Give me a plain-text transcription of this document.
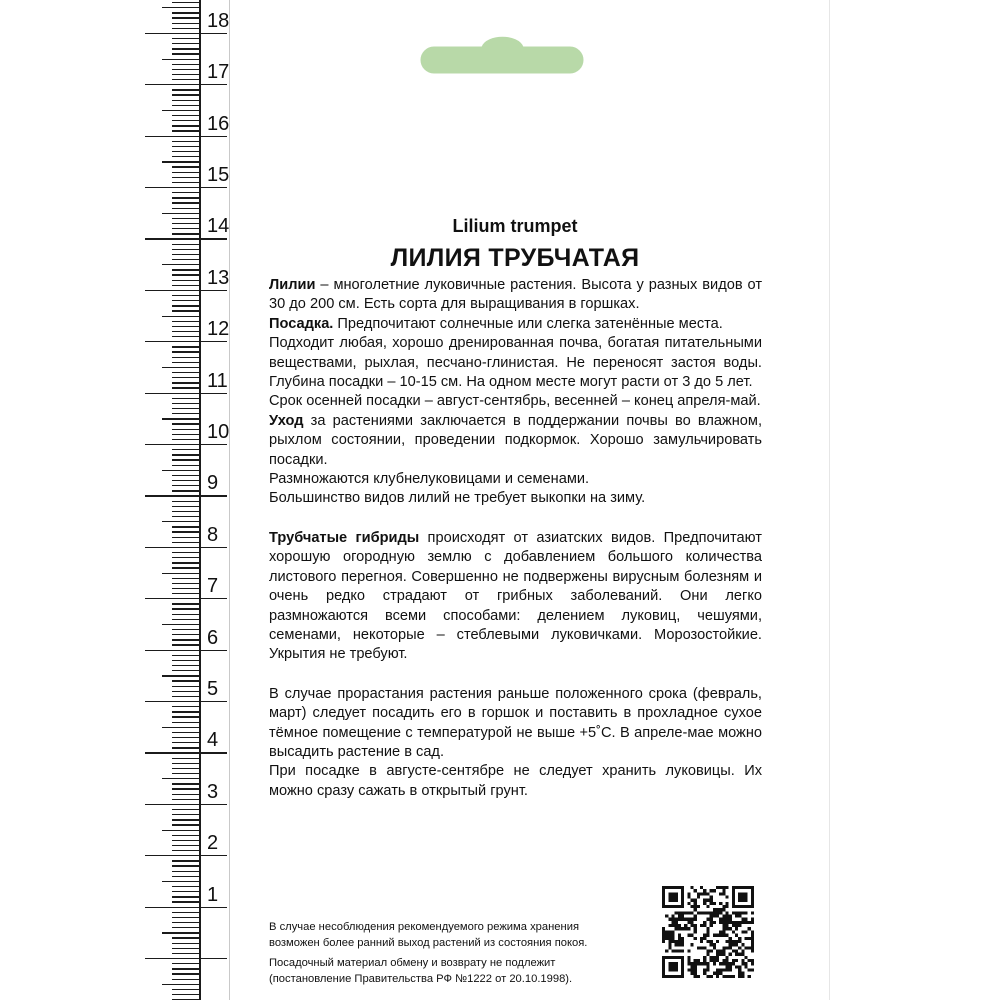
18
17
16
15
14
13
12
11
10
9
8
7
6
5
4
3
2
1
Lilium trumpet
ЛИЛИЯ ТРУБЧАТАЯ

Лилии – многолетние луковичные растения. Высота у разных видов от 30 до 200 см. Есть сорта для выращивания в горшках.

Посадка. Предпочитают солнечные или слегка затенённые места.

Подходит любая, хорошо дренированная почва, богатая питательными веществами, рыхлая, песчано-глинистая. Не переносят застоя воды. Глубина посадки – 10-15 см. На одном месте могут расти от 3 до 5 лет.

Срок осенней посадки – август-сентябрь, весенней – конец апреля-май.

Уход за растениями заключается в поддержании почвы во влажном, рыхлом состоянии, проведении подкормок. Хорошо замульчировать посадки.

Размножаются клубнелуковицами и семенами.

Большинство видов лилий не требует выкопки на зиму.

Трубчатые гибриды происходят от азиатских видов. Предпочитают хорошую огородную землю с добавлением большого количества листового перегноя. Совершенно не подвержены вирусным болезням и очень редко страдают от грибных заболеваний. Они легко размножаются всеми способами: делением луковиц, чешуями, семенами, некоторые – стеблевыми луковичками. Морозостойкие. Укрытия не требуют.

В случае прорастания растения раньше положенного срока (февраль, март) следует посадить его в горшок и поставить в прохладное сухое тёмное помещение с температурой не выше +5˚С. В апреле-мае можно высадить растение в сад.

При посадке в августе-сентябре не следует хранить луковицы. Их можно сразу сажать в открытый грунт.

В случае несоблюдения рекомендуемого режима хранения возможен более ранний выход растений из состояния покоя.

Посадочный материал обмену и возврату не подлежит (постановление Правительства РФ №1222 от 20.10.1998).
